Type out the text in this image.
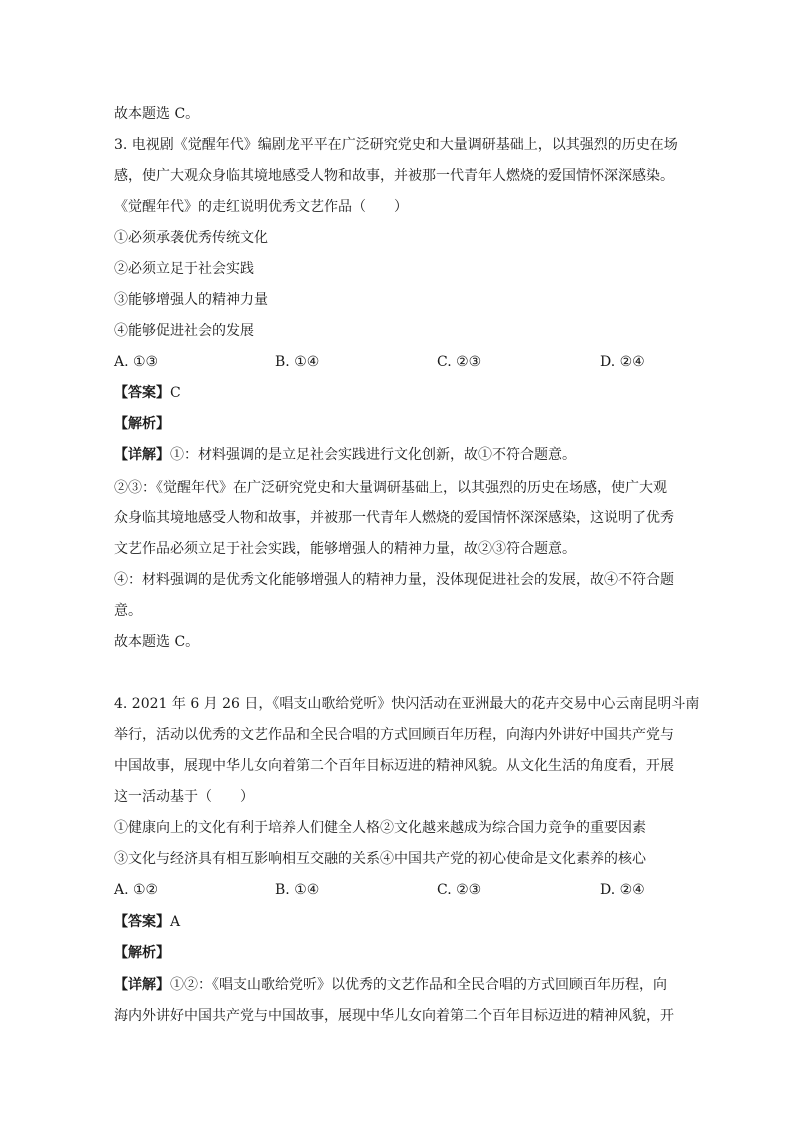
故本题选 C。
3. 电视剧《觉醒年代》编剧龙平平在广泛研究党史和大量调研基础上，以其强烈的历史在场
感，使广大观众身临其境地感受人物和故事，并被那一代青年人燃烧的爱国情怀深深感染。
《觉醒年代》的走红说明优秀文艺作品（　　）
①必须承袭优秀传统文化
②必须立足于社会实践
③能够增强人的精神力量
④能够促进社会的发展
A. ①③	B. ①④	C. ②③	D. ②④
【答案】C
【解析】
【详解】①：材料强调的是立足社会实践进行文化创新，故①不符合题意。
②③：《觉醒年代》在广泛研究党史和大量调研基础上，以其强烈的历史在场感，使广大观
众身临其境地感受人物和故事，并被那一代青年人燃烧的爱国情怀深深感染，这说明了优秀
文艺作品必须立足于社会实践，能够增强人的精神力量，故②③符合题意。
④：材料强调的是优秀文化能够增强人的精神力量，没体现促进社会的发展，故④不符合题
意。
故本题选 C。
4. 2021 年 6 月 26 日，《唱支山歌给党听》快闪活动在亚洲最大的花卉交易中心云南昆明斗南
举行，活动以优秀的文艺作品和全民合唱的方式回顾百年历程，向海内外讲好中国共产党与
中国故事，展现中华儿女向着第二个百年目标迈进的精神风貌。从文化生活的角度看，开展
这一活动基于（　　）
①健康向上的文化有利于培养人们健全人格②文化越来越成为综合国力竞争的重要因素
③文化与经济具有相互影响相互交融的关系④中国共产党的初心使命是文化素养的核心
A. ①②	B. ①④	C. ②③	D. ②④
【答案】A
【解析】
【详解】①②：《唱支山歌给党听》以优秀的文艺作品和全民合唱的方式回顾百年历程，向
海内外讲好中国共产党与中国故事，展现中华儿女向着第二个百年目标迈进的精神风貌，开
